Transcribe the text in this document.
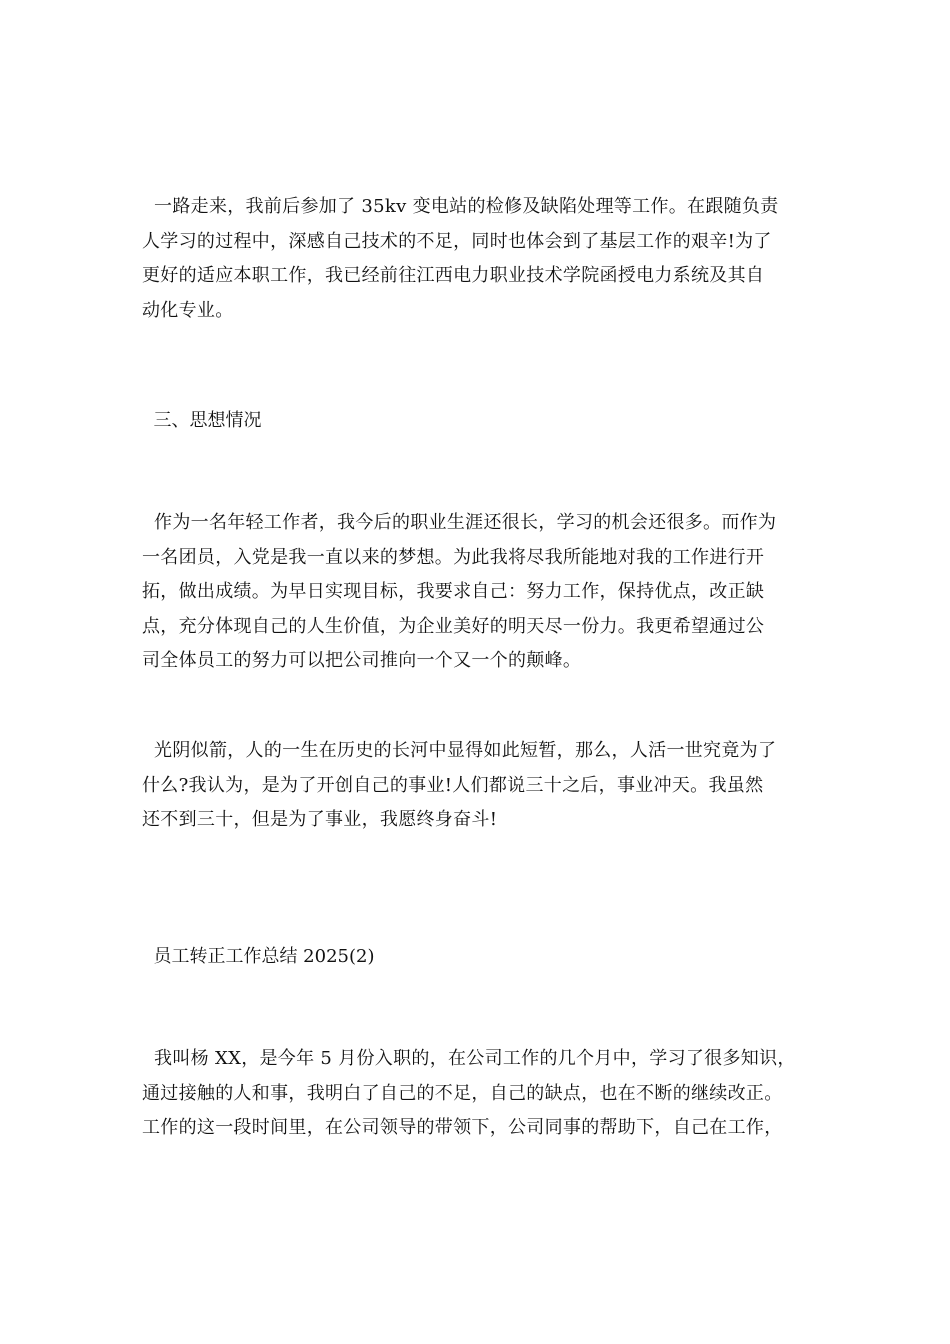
一路走来，我前后参加了 35kv 变电站的检修及缺陷处理等工作。在跟随负责
人学习的过程中，深感自己技术的不足，同时也体会到了基层工作的艰辛!为了
更好的适应本职工作，我已经前往江西电力职业技术学院函授电力系统及其自
动化专业。
三、思想情况
作为一名年轻工作者，我今后的职业生涯还很长，学习的机会还很多。而作为
一名团员，入党是我一直以来的梦想。为此我将尽我所能地对我的工作进行开
拓，做出成绩。为早日实现目标，我要求自己：努力工作，保持优点，改正缺
点，充分体现自己的人生价值，为企业美好的明天尽一份力。我更希望通过公
司全体员工的努力可以把公司推向一个又一个的颠峰。
光阴似箭，人的一生在历史的长河中显得如此短暂，那么，人活一世究竟为了
什么?我认为，是为了开创自己的事业!人们都说三十之后，事业冲天。我虽然
还不到三十，但是为了事业，我愿终身奋斗!
员工转正工作总结 2025(2)
我叫杨 XX，是今年 5 月份入职的，在公司工作的几个月中，学习了很多知识，
通过接触的人和事，我明白了自己的不足，自己的缺点，也在不断的继续改正。
工作的这一段时间里，在公司领导的带领下，公司同事的帮助下，自己在工作，
